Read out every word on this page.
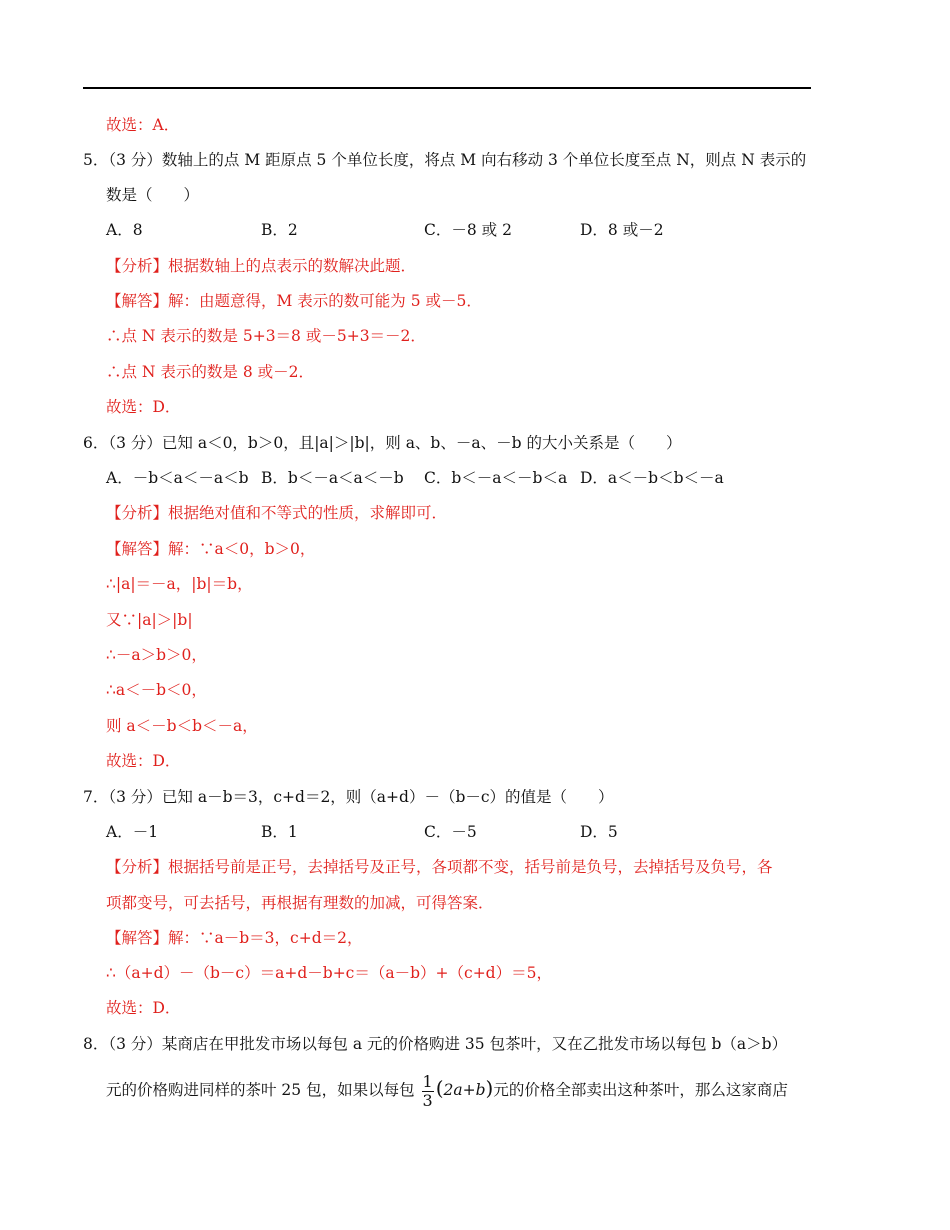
故选：A．
5．（3 分）数轴上的点 M 距原点 5 个单位长度，将点 M 向右移动 3 个单位长度至点 N，则点 N 表示的
数是（　　）
A．8	B．2	C．－8 或 2	D．8 或－2
【分析】根据数轴上的点表示的数解决此题．
【解答】解：由题意得，M 表示的数可能为 5 或－5．
∴点 N 表示的数是 5+3＝8 或－5+3＝－2．
∴点 N 表示的数是 8 或－2．
故选：D．
6．（3 分）已知 a＜0，b＞0，且|a|＞|b|，则 a、b、－a、－b 的大小关系是（　　）
A．－b＜a＜－a＜b B．b＜－a＜a＜－b C．b＜－a＜－b＜a D．a＜－b＜b＜－a
【分析】根据绝对值和不等式的性质，求解即可．
【解答】解：∵a＜0，b＞0，
∴|a|＝－a，|b|＝b，
又∵|a|＞|b|
∴－a＞b＞0，
∴a＜－b＜0，
则 a＜－b＜b＜－a，
故选：D．
7．（3 分）已知 a－b＝3，c+d＝2，则（a+d）－（b－c）的值是（　　）
A．－1	B．1	C．－5	D．5
【分析】根据括号前是正号，去掉括号及正号，各项都不变，括号前是负号，去掉括号及负号，各
项都变号，可去括号，再根据有理数的加减，可得答案．
【解答】解：∵a－b＝3，c+d＝2，
∴（a+d）－（b－c）＝a+d－b+c＝（a－b）+（c+d）＝5，
故选：D．
8．（3 分）某商店在甲批发市场以每包 a 元的价格购进 35 包茶叶，又在乙批发市场以每包 b（a＞b）
元的价格购进同样的茶叶 25 包，如果以每包 $\frac{1}{3} (2a+b)$元的价格全部卖出这种茶叶，那么这家商店
